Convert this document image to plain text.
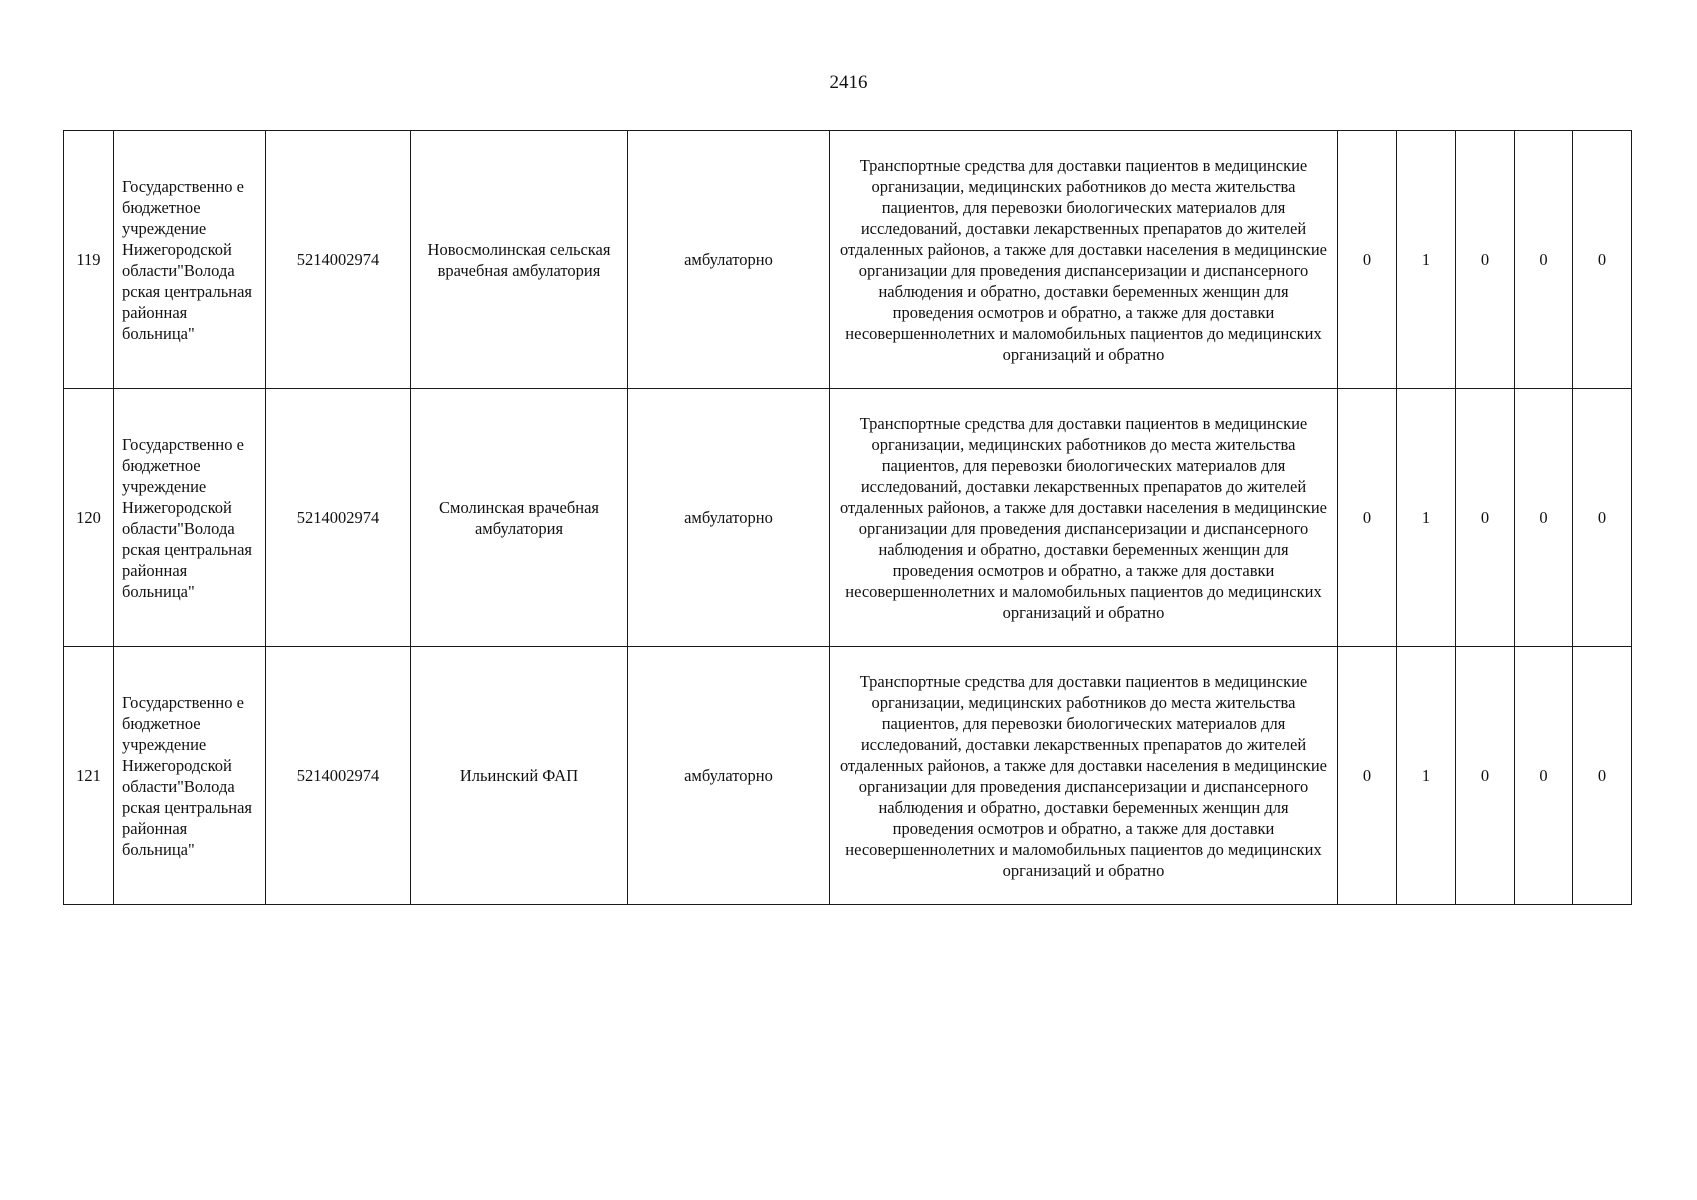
2416
119	Государственно е бюджетное учреждение Нижегородской области"Волода рская центральная районная больница"	5214002974	Новосмолинская сельская врачебная амбулатория	амбулаторно	Транспортные средства для доставки пациентов в медицинские организации, медицинских работников до места жительства пациентов, для перевозки биологических материалов для исследований, доставки лекарственных препаратов до жителей отдаленных районов, а также для доставки населения в медицинские организации для проведения диспансеризации и диспансерного наблюдения и обратно, доставки беременных женщин для проведения осмотров и обратно, а также для доставки несовершеннолетних и маломобильных пациентов до медицинских организаций и обратно	0	1	0	0	0
120	Государственно е бюджетное учреждение Нижегородской области"Волода рская центральная районная больница"	5214002974	Смолинская врачебная амбулатория	амбулаторно	Транспортные средства для доставки пациентов в медицинские организации, медицинских работников до места жительства пациентов, для перевозки биологических материалов для исследований, доставки лекарственных препаратов до жителей отдаленных районов, а также для доставки населения в медицинские организации для проведения диспансеризации и диспансерного наблюдения и обратно, доставки беременных женщин для проведения осмотров и обратно, а также для доставки несовершеннолетних и маломобильных пациентов до медицинских организаций и обратно	0	1	0	0	0
121	Государственно е бюджетное учреждение Нижегородской области"Волода рская центральная районная больница"	5214002974	Ильинский ФАП	амбулаторно	Транспортные средства для доставки пациентов в медицинские организации, медицинских работников до места жительства пациентов, для перевозки биологических материалов для исследований, доставки лекарственных препаратов до жителей отдаленных районов, а также для доставки населения в медицинские организации для проведения диспансеризации и диспансерного наблюдения и обратно, доставки беременных женщин для проведения осмотров и обратно, а также для доставки несовершеннолетних и маломобильных пациентов до медицинских организаций и обратно	0	1	0	0	0
